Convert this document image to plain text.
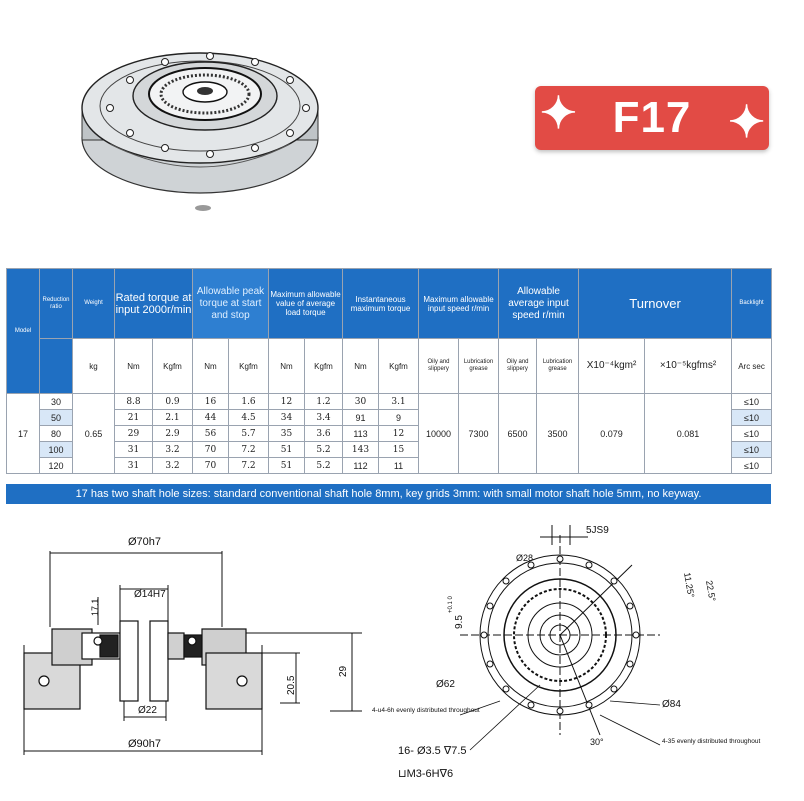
F17
✦	✦
Model	Reduction ratio	Weight	Rated torque at input 2000r/min		Allowable peak torque at start and stop		Maximum allowable value of average load torque		Instantaneous maximum torque		Maximum allowable input speed r/min		Allowable average input speed r/min		Turnover		Backlight
		kg	Nm	Kgfm	Nm	Kgfm	Nm	Kgfm	Nm	Kgfm	Oily and slippery	Lubrication grease	Oily and slippery	Lubrication grease	X10⁻⁴kgm²	×10⁻⁵kgfms²	Arc sec
17	30	0.65	8.8	0.9	16	1.6	12	1.2	30	3.1	10000	7300	6500	3500	0.079	0.081	≤10
	50		21	2.1	44	4.5	34	3.4	91	9							≤10
	80		29	2.9	56	5.7	35	3.6	113	12							≤10
	100		31	3.2	70	7.2	51	5.2	143	15							≤10
	120		31	3.2	70	7.2	51	5.2	112	11							≤10
17 has two shaft hole sizes: standard conventional shaft hole 8mm, key grids 3mm: with small motor shaft hole 5mm, no keyway.
Ø70h7
Ø14H7
17.1
Ø22
Ø90h7
20.5
29
5JS9
Ø28
22.5°
11.25°
9.5
+0.1 0
Ø62
Ø84
4-u4-6h evenly distributed throughout
4-35 evenly distributed throughout
16- Ø3.5 ∇7.5
⊔M3-6H∇6
30°
